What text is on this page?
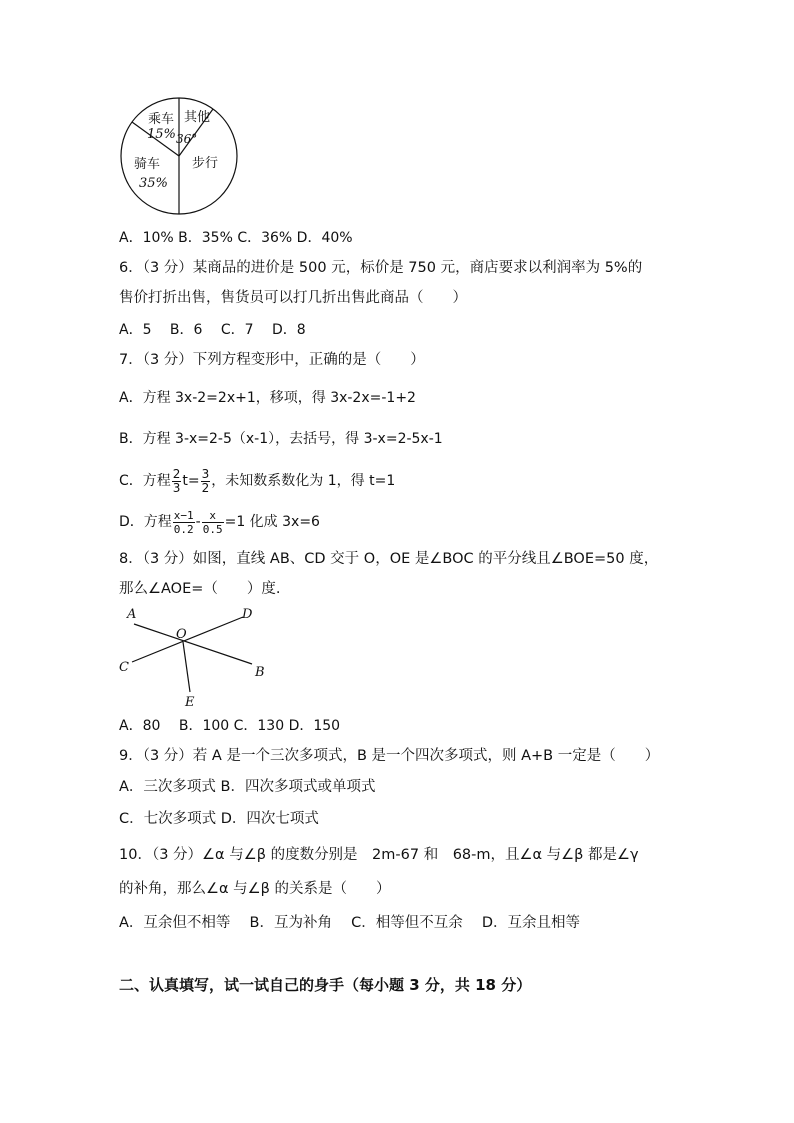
乘车
15%
其他
36°
骑车
35%
步行
A．10% B．35% C．36% D．40%
6．（3 分）某商品的进价是 500 元，标价是 750 元，商店要求以利润率为 5%的
售价打折出售，售货员可以打几折出售此商品（　　）
A．5　 B．6　 C．7　 D．8
7．（3 分）下列方程变形中，正确的是（　　）
A．方程 3x-2=2x+1，移项，得 3x-2x=-1+2
B．方程 3-x=2-5（x-1），去括号，得 3-x=2-5x-1
C．方程 $\frac{2}{3} t= \frac{3}{2}$ ，未知数系数化为 1，得 t=1
D．方程 $\frac{x-1}{0.2} - \frac{x}{0.5} =1$ 化成 3x=6
8．（3 分）如图，直线 AB、CD 交于 O，OE 是∠BOC 的平分线且∠BOE=50 度，
那么∠AOE=（　　）度.
A	D
O
C	B
E
A．80　 B．100 C．130 D．150
9．（3 分）若 A 是一个三次多项式，B 是一个四次多项式，则 A+B 一定是（　　）
A．三次多项式 B．四次多项式或单项式
C．七次多项式 D．四次七项式
10．（3 分）∠α 与∠β 的度数分别是　2m-67 和　68-m，且∠α 与∠β 都是∠γ
的补角，那么∠α 与∠β 的关系是（　　）
A．互余但不相等　 B．互为补角　 C．相等但不互余　 D．互余且相等
二、认真填写，试一试自己的身手（每小题 3 分，共 18 分）
